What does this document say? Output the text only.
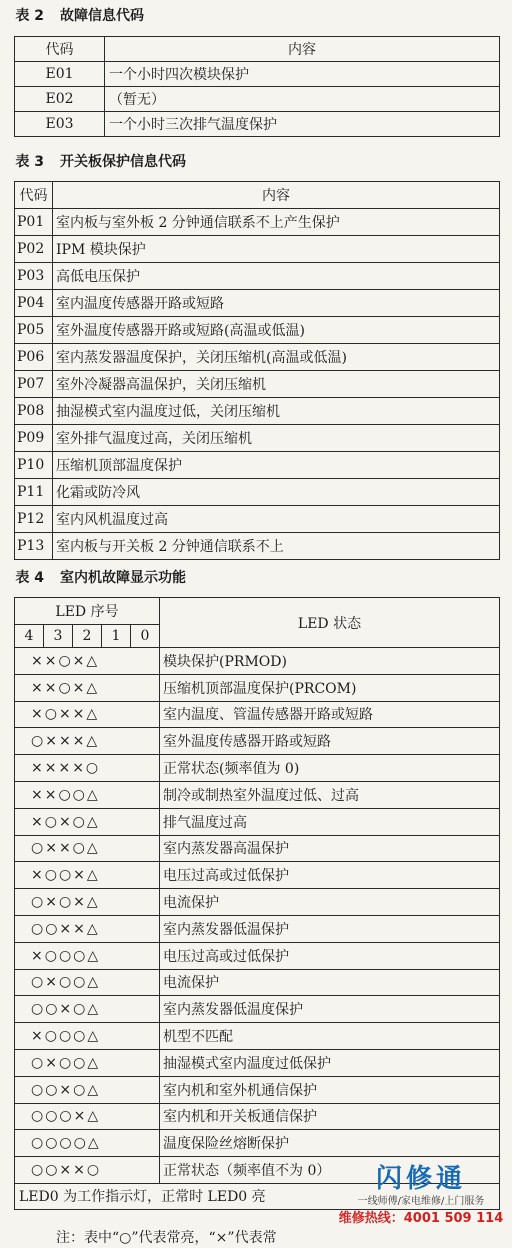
表 2 故障信息代码
代码	内容
E01	一个小时四次模块保护
E02	（暂无）
E03	一个小时三次排气温度保护
表 3 开关板保护信息代码
代码	内容
P01	室内板与室外板 2 分钟通信联系不上产生保护
P02	IPM 模块保护
P03	高低电压保护
P04	室内温度传感器开路或短路
P05	室外温度传感器开路或短路(高温或低温)
P06	室内蒸发器温度保护，关闭压缩机(高温或低温)
P07	室外冷凝器高温保护，关闭压缩机
P08	抽湿模式室内温度过低，关闭压缩机
P09	室外排气温度过高，关闭压缩机
P10	压缩机顶部温度保护
P11	化霜或防冷风
P12	室内风机温度过高
P13	室内板与开关板 2 分钟通信联系不上
表 4 室内机故障显示功能
LED 序号					LED 状态
4	3	2	1	0	
××○×△					模块保护(PRMOD)
××○×△					压缩机顶部温度保护(PRCOM)
×○××△					室内温度、管温传感器开路或短路
○×××△					室外温度传感器开路或短路
××××○					正常状态(频率值为 0)
××○○△					制冷或制热室外温度过低、过高
×○×○△					排气温度过高
○××○△					室内蒸发器高温保护
×○○×△					电压过高或过低保护
○×○×△					电流保护
○○××△					室内蒸发器低温保护
×○○○△					电压过高或过低保护
○×○○△					电流保护
○○×○△					室内蒸发器低温度保护
×○○○△					机型不匹配
○×○○△					抽湿模式室内温度过低保护
○○×○△					室内机和室外机通信保护
○○○×△					室内机和开关板通信保护
○○○○△					温度保险丝熔断保护
○○××○					正常状态（频率值不为 0）
LED0 为工作指示灯，正常时 LED0 亮					
注：表中“○”代表常亮，“×”代表常
闪修通
一线师傅/家电维修/上门服务
维修热线：4001 509 114
